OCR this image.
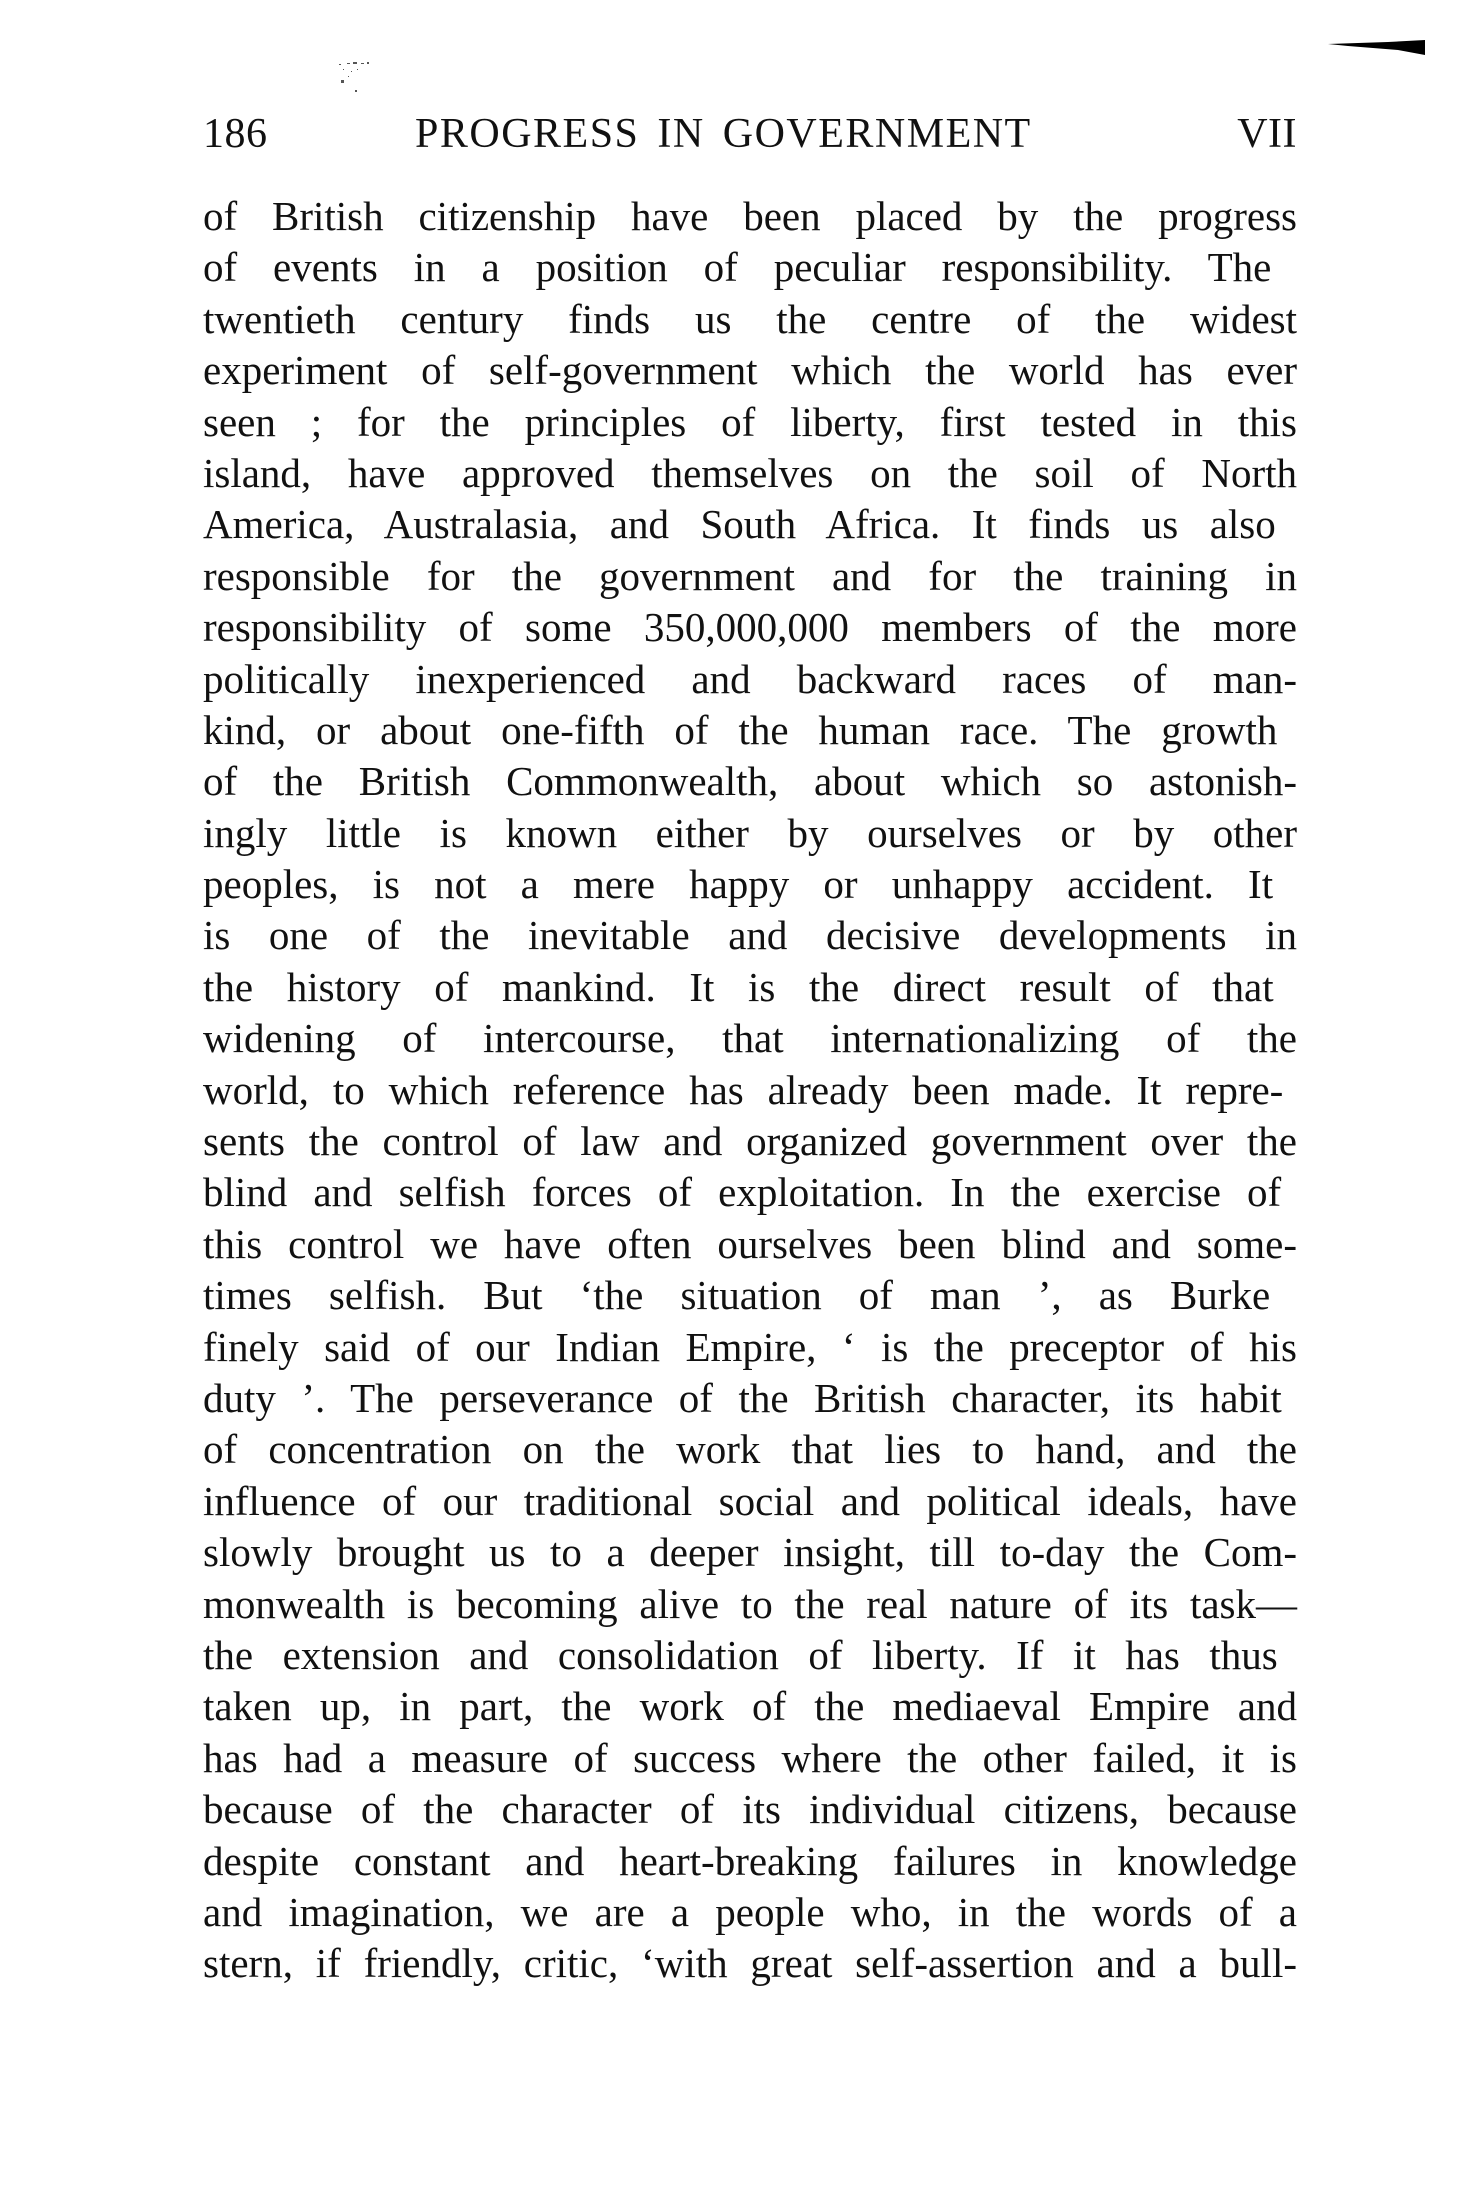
186	PROGRESS IN GOVERNMENT	VII
of British citizenship have been placed by the progress
of events in a position of peculiar responsibility. The
twentieth century finds us the centre of the widest
experiment of self-government which the world has ever
seen ; for the principles of liberty, first tested in this
island, have approved themselves on the soil of North
America, Australasia, and South Africa. It finds us also
responsible for the government and for the training in
responsibility of some 350,000,000 members of the more
politically inexperienced and backward races of man-
kind, or about one-fifth of the human race. The growth
of the British Commonwealth, about which so astonish-
ingly little is known either by ourselves or by other
peoples, is not a mere happy or unhappy accident. It
is one of the inevitable and decisive developments in
the history of mankind. It is the direct result of that
widening of intercourse, that internationalizing of the
world, to which reference has already been made. It repre-
sents the control of law and organized government over the
blind and selfish forces of exploitation. In the exercise of
this control we have often ourselves been blind and some-
times selfish. But ‘the situation of man ’, as Burke
finely said of our Indian Empire, ‘ is the preceptor of his
duty ’. The perseverance of the British character, its habit
of concentration on the work that lies to hand, and the
influence of our traditional social and political ideals, have
slowly brought us to a deeper insight, till to-day the Com-
monwealth is becoming alive to the real nature of its task—
the extension and consolidation of liberty. If it has thus
taken up, in part, the work of the mediaeval Empire and
has had a measure of success where the other failed, it is
because of the character of its individual citizens, because
despite constant and heart-breaking failures in knowledge
and imagination, we are a people who, in the words of a
stern, if friendly, critic, ‘with great self-assertion and a bull-
